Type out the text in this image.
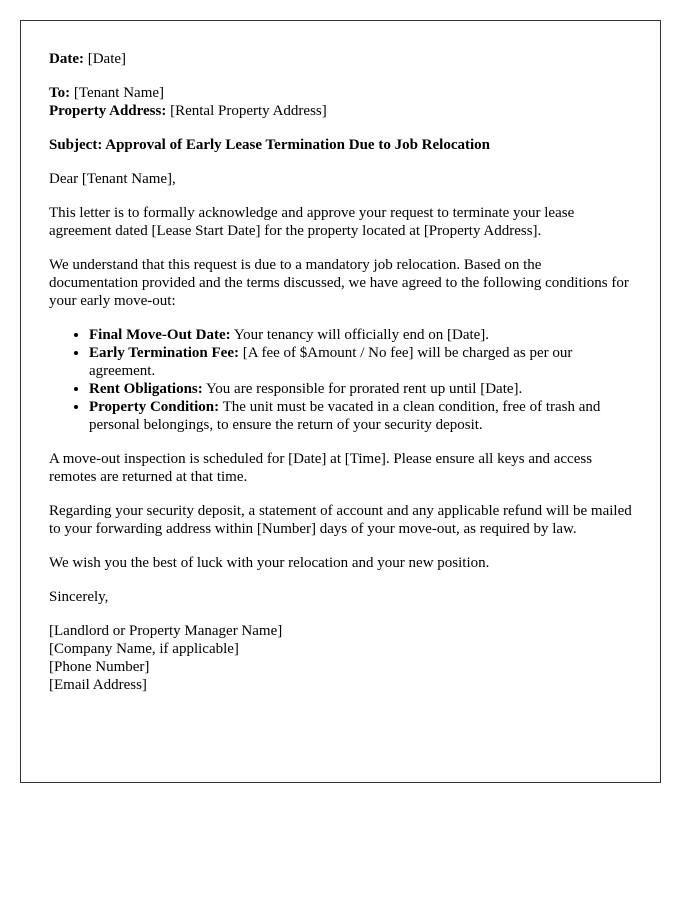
Date: [Date]

To: [Tenant Name]
Property Address: [Rental Property Address]

Subject: Approval of Early Lease Termination Due to Job Relocation

Dear [Tenant Name],

This letter is to formally acknowledge and approve your request to terminate your lease agreement dated [Lease Start Date] for the property located at [Property Address].

We understand that this request is due to a mandatory job relocation. Based on the documentation provided and the terms discussed, we have agreed to the following conditions for your early move-out:

• Final Move-Out Date: Your tenancy will officially end on [Date].
• Early Termination Fee: [A fee of $Amount / No fee] will be charged as per our agreement.
• Rent Obligations: You are responsible for prorated rent up until [Date].
• Property Condition: The unit must be vacated in a clean condition, free of trash and personal belongings, to ensure the return of your security deposit.

A move-out inspection is scheduled for [Date] at [Time]. Please ensure all keys and access remotes are returned at that time.

Regarding your security deposit, a statement of account and any applicable refund will be mailed to your forwarding address within [Number] days of your move-out, as required by law.

We wish you the best of luck with your relocation and your new position.

Sincerely,

[Landlord or Property Manager Name]
[Company Name, if applicable]
[Phone Number]
[Email Address]
